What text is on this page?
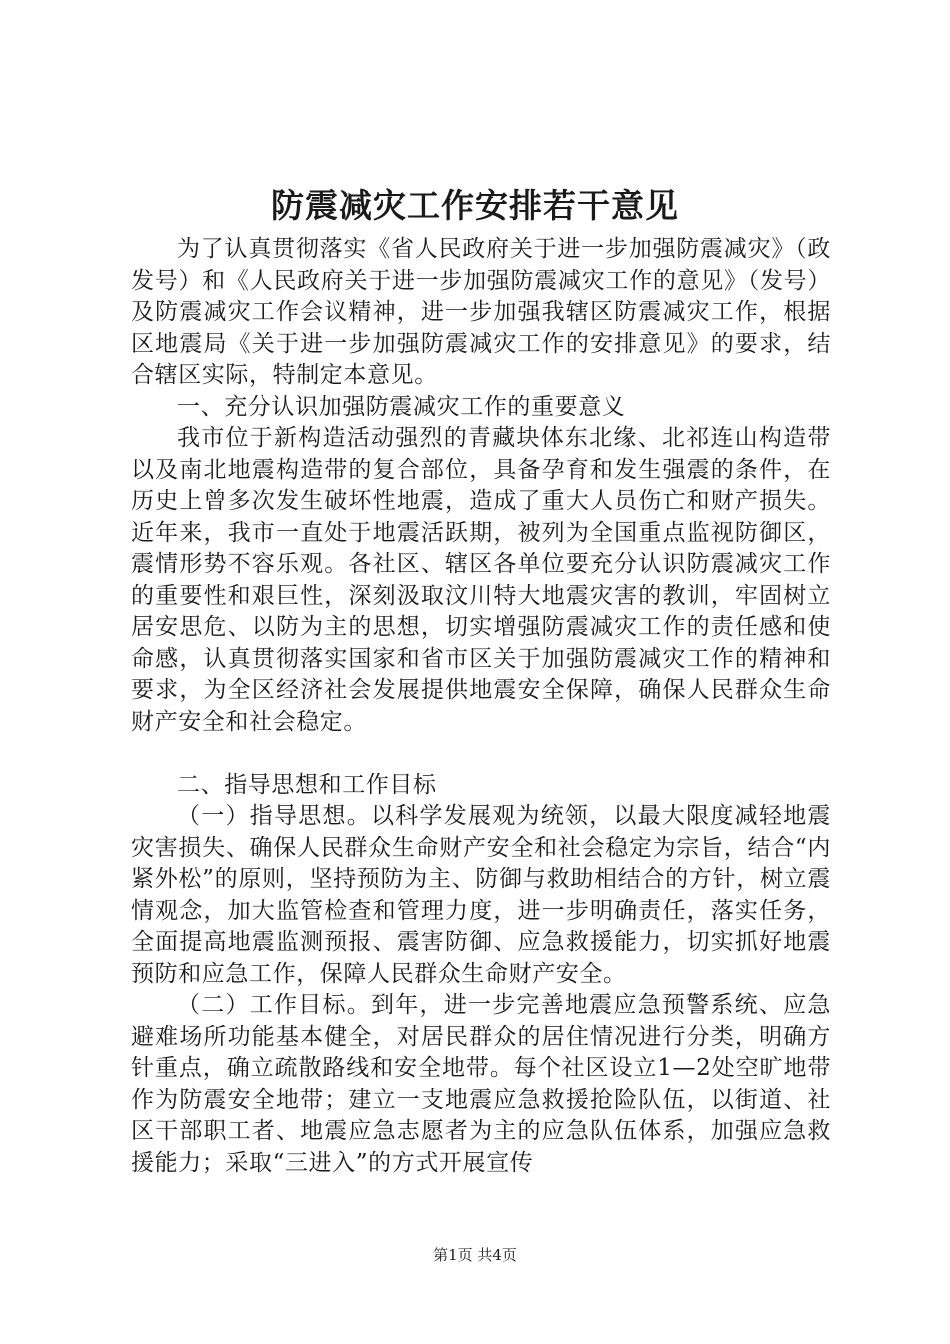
防震减灾工作安排若干意见

为了认真贯彻落实《省人民政府关于进一步加强防震减灾》（政发号）和《人民政府关于进一步加强防震减灾工作的意见》（发号）及防震减灾工作会议精神，进一步加强我辖区防震减灾工作，根据区地震局《关于进一步加强防震减灾工作的安排意见》的要求，结合辖区实际，特制定本意见。

一、充分认识加强防震减灾工作的重要意义

我市位于新构造活动强烈的青藏块体东北缘、北祁连山构造带以及南北地震构造带的复合部位，具备孕育和发生强震的条件，在历史上曾多次发生破坏性地震，造成了重大人员伤亡和财产损失。近年来，我市一直处于地震活跃期，被列为全国重点监视防御区，震情形势不容乐观。各社区、辖区各单位要充分认识防震减灾工作的重要性和艰巨性，深刻汲取汶川特大地震灾害的教训，牢固树立居安思危、以防为主的思想，切实增强防震减灾工作的责任感和使命感，认真贯彻落实国家和省市区关于加强防震减灾工作的精神和要求，为全区经济社会发展提供地震安全保障，确保人民群众生命财产安全和社会稳定。

二、指导思想和工作目标

（一）指导思想。以科学发展观为统领，以最大限度减轻地震灾害损失、确保人民群众生命财产安全和社会稳定为宗旨，结合“内紧外松”的原则，坚持预防为主、防御与救助相结合的方针，树立震情观念，加大监管检查和管理力度，进一步明确责任，落实任务，全面提高地震监测预报、震害防御、应急救援能力，切实抓好地震预防和应急工作，保障人民群众生命财产安全。

（二）工作目标。到年，进一步完善地震应急预警系统、应急避难场所功能基本健全，对居民群众的居住情况进行分类，明确方针重点，确立疏散路线和安全地带。每个社区设立1—2处空旷地带作为防震安全地带；建立一支地震应急救援抢险队伍，以街道、社区干部职工者、地震应急志愿者为主的应急队伍体系，加强应急救援能力；采取“三进入”的方式开展宣传

第1页 共4页
